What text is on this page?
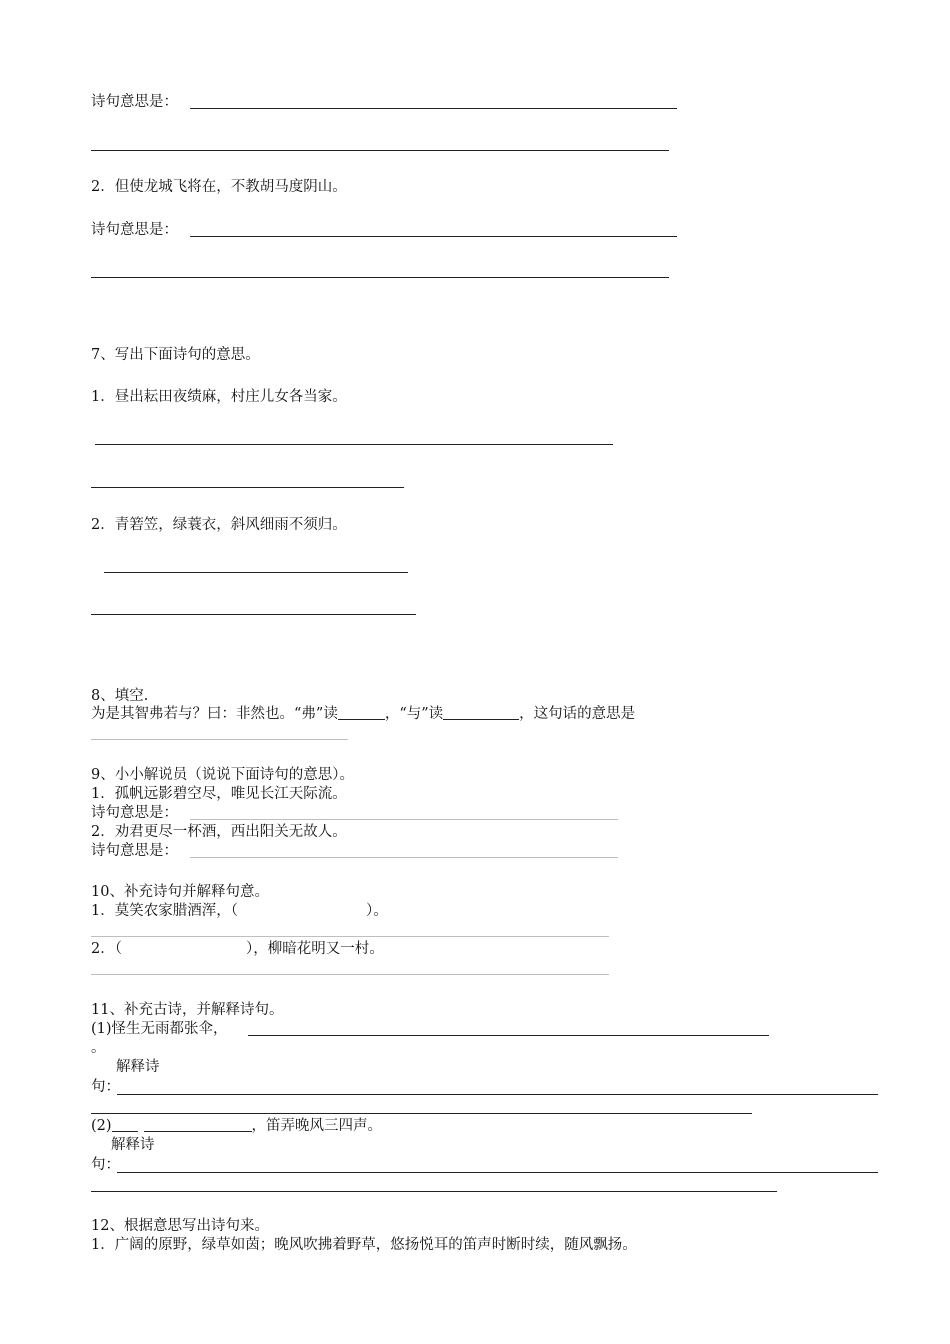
诗句意思是：
2．但使龙城飞将在，不教胡马度阴山。
诗句意思是：
7、写出下面诗句的意思。
1．昼出耘田夜绩麻，村庄儿女各当家。
2．青箬笠，绿蓑衣，斜风细雨不须归。
8、填空.
为是其智弗若与？曰：非然也。“弗”读	，“与”读	，这句话的意思是
9、小小解说员（说说下面诗句的意思）。
1．孤帆远影碧空尽，唯见长江天际流。
诗句意思是：
2．劝君更尽一杯酒，西出阳关无故人。
诗句意思是：
10、补充诗句并解释句意。
1．莫笑农家腊酒浑，（	）。
2．（	），柳暗花明又一村。
11、补充古诗，并解释诗句。
(1)怪生无雨都张伞，
。
解释诗
句：
(2)	，笛弄晚风三四声。
解释诗
句：
12、根据意思写出诗句来。
1．广阔的原野，绿草如茵；晚风吹拂着野草，悠扬悦耳的笛声时断时续，随风飘扬。
